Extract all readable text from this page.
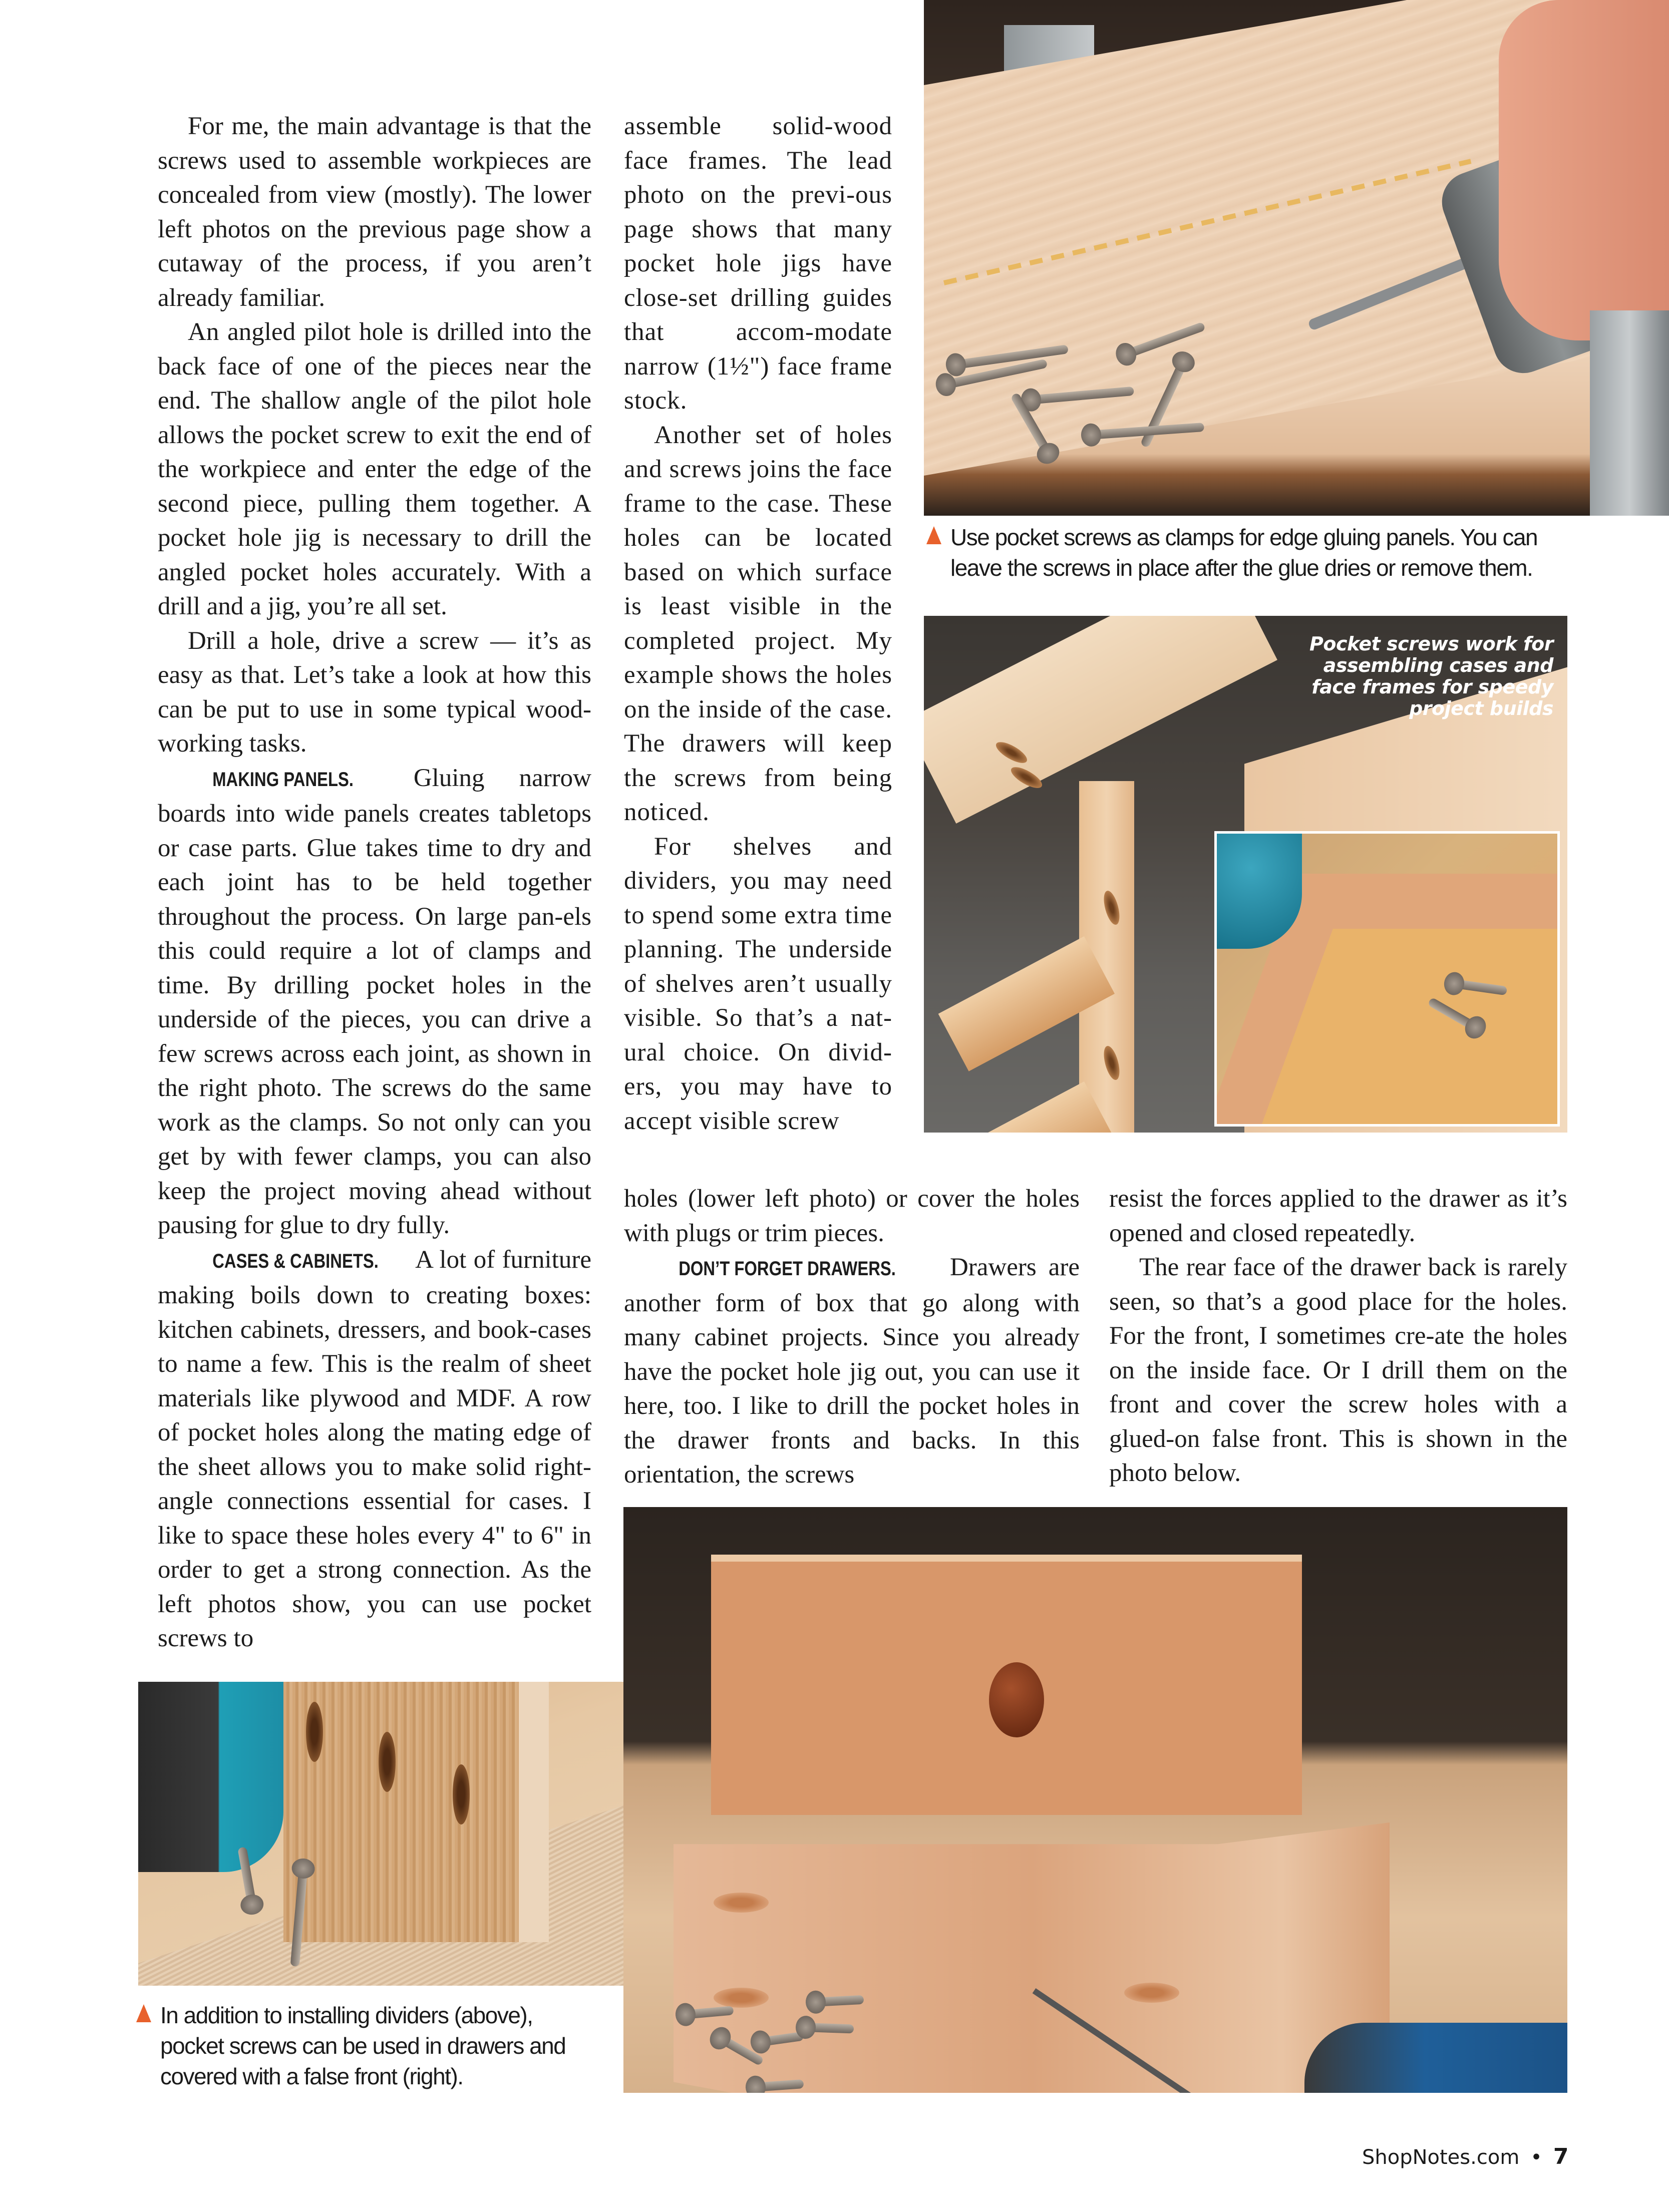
For me, the main advantage is that the screws used to assemble workpieces are concealed from view (mostly). The lower left photos on the previous page show a cutaway of the process, if you aren’t already familiar.

An angled pilot hole is drilled into the back face of one of the pieces near the end. The shallow angle of the pilot hole allows the pocket screw to exit the end of the workpiece and enter the edge of the second piece, pulling them together. A pocket hole jig is necessary to drill the angled pocket holes accurately. With a drill and a jig, you’re all set.

Drill a hole, drive a screw — it’s as easy as that. Let’s take a look at how this can be put to use in some typical wood-working tasks.

MAKING PANELS. Gluing narrow boards into wide panels creates tabletops or case parts. Glue takes time to dry and each joint has to be held together throughout the process. On large pan-els this could require a lot of clamps and time. By drilling pocket holes in the underside of the pieces, you can drive a few screws across each joint, as shown in the right photo. The screws do the same work as the clamps. So not only can you get by with fewer clamps, you can also keep the project moving ahead without pausing for glue to dry fully.

CASES & CABINETS. A lot of furniture making boils down to creating boxes: kitchen cabinets, dressers, and book-cases to name a few. This is the realm of sheet materials like plywood and MDF. A row of pocket holes along the mating edge of the sheet allows you to make solid right-angle connections essential for cases. I like to space these holes every 4" to 6" in order to get a strong connection. As the left photos show, you can use pocket screws to

assemble solid-wood face frames. The lead photo on the previ-ous page shows that many pocket hole jigs have close-set drilling guides that accom-modate narrow (1½") face frame stock.

Another set of holes and screws joins the face frame to the case. These holes can be located based on which surface is least visible in the completed project. My example shows the holes on the inside of the case. The drawers will keep the screws from being noticed.

For shelves and dividers, you may need to spend some extra time planning. The underside of shelves aren’t usually visible. So that’s a nat-ural choice. On divid-ers, you may have to accept visible screw

holes (lower left photo) or cover the holes with plugs or trim pieces.

DON’T FORGET DRAWERS. Drawers are another form of box that go along with many cabinet projects. Since you already have the pocket hole jig out, you can use it here, too. I like to drill the pocket holes in the drawer fronts and backs. In this orientation, the screws

resist the forces applied to the drawer as it’s opened and closed repeatedly.

The rear face of the drawer back is rarely seen, so that’s a good place for the holes. For the front, I sometimes cre-ate the holes on the inside face. Or I drill them on the front and cover the screw holes with a glued-on false front. This is shown in the photo below.

Use pocket screws as clamps for edge gluing panels. You can
leave the screws in place after the glue dries or remove them.
Pocket screws work for assembling cases and face frames for speedy project builds
In addition to installing dividers (above),
pocket screws can be used in drawers and
covered with a false front (right).
ShopNotes.com • 7
